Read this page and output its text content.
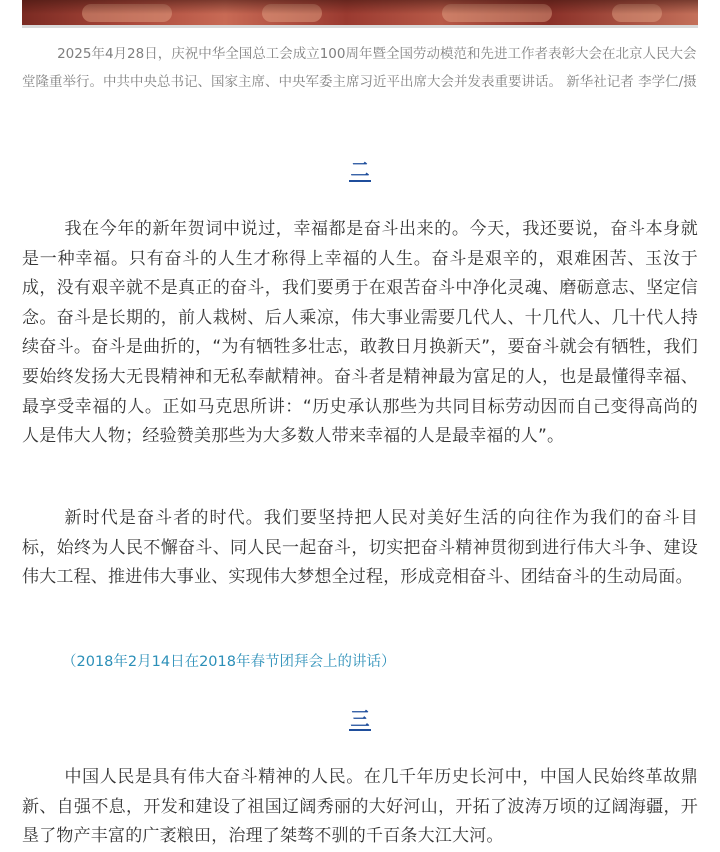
2025年4月28日，庆祝中华全国总工会成立100周年暨全国劳动模范和先进工作者表彰大会在北京人民大会堂隆重举行。中共中央总书记、国家主席、中央军委主席习近平出席大会并发表重要讲话。 新华社记者 李学仁/摄

二

我在今年的新年贺词中说过，幸福都是奋斗出来的。今天，我还要说，奋斗本身就是一种幸福。只有奋斗的人生才称得上幸福的人生。奋斗是艰辛的，艰难困苦、玉汝于成，没有艰辛就不是真正的奋斗，我们要勇于在艰苦奋斗中净化灵魂、磨砺意志、坚定信念。奋斗是长期的，前人栽树、后人乘凉，伟大事业需要几代人、十几代人、几十代人持续奋斗。奋斗是曲折的，“为有牺牲多壮志，敢教日月换新天”，要奋斗就会有牺牲，我们要始终发扬大无畏精神和无私奉献精神。奋斗者是精神最为富足的人，也是最懂得幸福、最享受幸福的人。正如马克思所讲：“历史承认那些为共同目标劳动因而自己变得高尚的人是伟大人物；经验赞美那些为大多数人带来幸福的人是最幸福的人”。

新时代是奋斗者的时代。我们要坚持把人民对美好生活的向往作为我们的奋斗目标，始终为人民不懈奋斗、同人民一起奋斗，切实把奋斗精神贯彻到进行伟大斗争、建设伟大工程、推进伟大事业、实现伟大梦想全过程，形成竞相奋斗、团结奋斗的生动局面。

（2018年2月14日在2018年春节团拜会上的讲话）

三

中国人民是具有伟大奋斗精神的人民。在几千年历史长河中，中国人民始终革故鼎新、自强不息，开发和建设了祖国辽阔秀丽的大好河山，开拓了波涛万顷的辽阔海疆，开垦了物产丰富的广袤粮田，治理了桀骜不驯的千百条大江大河。
